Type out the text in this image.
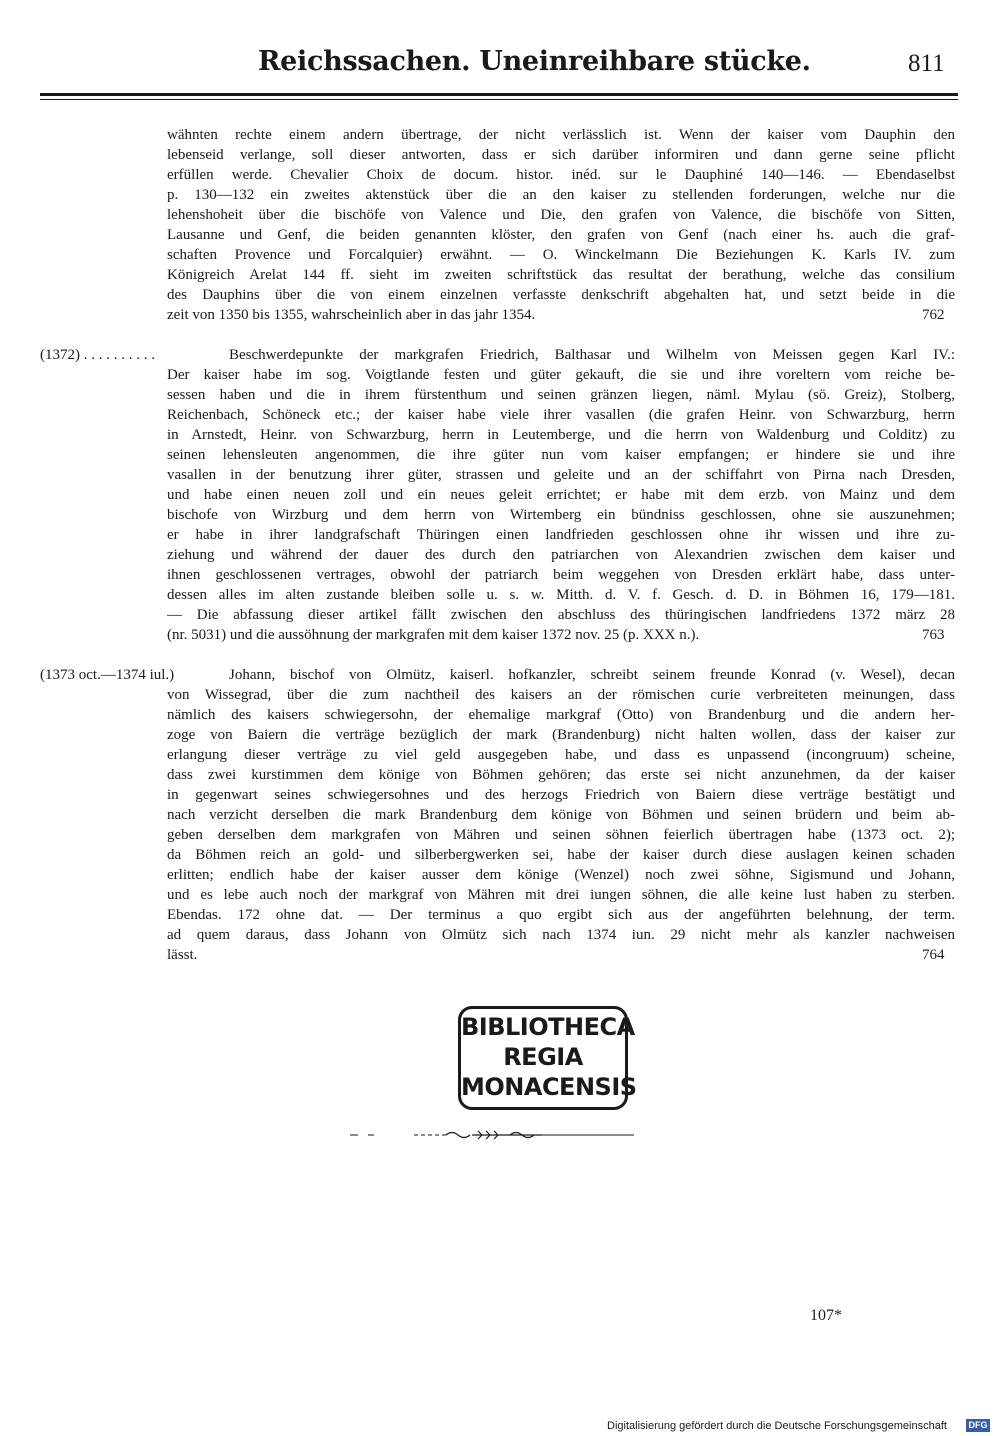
Reichssachen. Uneinreihbare stücke.	811
wähnten rechte einem andern übertrage, der nicht verlässlich ist. Wenn der kaiser vom Dauphin den
lebenseid verlange, soll dieser antworten, dass er sich darüber informiren und dann gerne seine pflicht
erfüllen werde. Chevalier Choix de docum. histor. inéd. sur le Dauphiné 140—146. — Ebendaselbst
p. 130—132 ein zweites aktenstück über die an den kaiser zu stellenden forderungen, welche nur die
lehenshoheit über die bischöfe von Valence und Die, den grafen von Valence, die bischöfe von Sitten,
Lausanne und Genf, die beiden genannten klöster, den grafen von Genf (nach einer hs. auch die graf-
schaften Provence und Forcalquier) erwähnt. — O. Winckelmann Die Beziehungen K. Karls IV. zum
Königreich Arelat 144 ff. sieht im zweiten schriftstück das resultat der berathung, welche das consilium
des Dauphins über die von einem einzelnen verfasste denkschrift abgehalten hat, und setzt beide in die
zeit von 1350 bis 1355, wahrscheinlich aber in das jahr 1354.	762
(1372) . . . . . . . . . .	Beschwerdepunkte der markgrafen Friedrich, Balthasar und Wilhelm von Meissen gegen Karl IV.:
Der kaiser habe im sog. Voigtlande festen und güter gekauft, die sie und ihre voreltern vom reiche be-
sessen haben und die in ihrem fürstenthum und seinen gränzen liegen, näml. Mylau (sö. Greiz), Stolberg,
Reichenbach, Schöneck etc.; der kaiser habe viele ihrer vasallen (die grafen Heinr. von Schwarzburg, herrn
in Arnstedt, Heinr. von Schwarzburg, herrn in Leutemberge, und die herrn von Waldenburg und Colditz) zu
seinen lehensleuten angenommen, die ihre güter nun vom kaiser empfangen; er hindere sie und ihre
vasallen in der benutzung ihrer güter, strassen und geleite und an der schiffahrt von Pirna nach Dresden,
und habe einen neuen zoll und ein neues geleit errichtet; er habe mit dem erzb. von Mainz und dem
bischofe von Wirzburg und dem herrn von Wirtemberg ein bündniss geschlossen, ohne sie auszunehmen;
er habe in ihrer landgrafschaft Thüringen einen landfrieden geschlossen ohne ihr wissen und ihre zu-
ziehung und während der dauer des durch den patriarchen von Alexandrien zwischen dem kaiser und
ihnen geschlossenen vertrages, obwohl der patriarch beim weggehen von Dresden erklärt habe, dass unter-
dessen alles im alten zustande bleiben solle u. s. w. Mitth. d. V. f. Gesch. d. D. in Böhmen 16, 179—181.
— Die abfassung dieser artikel fällt zwischen den abschluss des thüringischen landfriedens 1372 märz 28
(nr. 5031) und die aussöhnung der markgrafen mit dem kaiser 1372 nov. 25 (p. XXX n.).	763
(1373 oct.—1374 iul.)	Johann, bischof von Olmütz, kaiserl. hofkanzler, schreibt seinem freunde Konrad (v. Wesel), decan
von Wissegrad, über die zum nachtheil des kaisers an der römischen curie verbreiteten meinungen, dass
nämlich des kaisers schwiegersohn, der ehemalige markgraf (Otto) von Brandenburg und die andern her-
zoge von Baiern die verträge bezüglich der mark (Brandenburg) nicht halten wollen, dass der kaiser zur
erlangung dieser verträge zu viel geld ausgegeben habe, und dass es unpassend (incongruum) scheine,
dass zwei kurstimmen dem könige von Böhmen gehören; das erste sei nicht anzunehmen, da der kaiser
in gegenwart seines schwiegersohnes und des herzogs Friedrich von Baiern diese verträge bestätigt und
nach verzicht derselben die mark Brandenburg dem könige von Böhmen und seinen brüdern und beim ab-
geben derselben dem markgrafen von Mähren und seinen söhnen feierlich übertragen habe (1373 oct. 2);
da Böhmen reich an gold- und silberbergwerken sei, habe der kaiser durch diese auslagen keinen schaden
erlitten; endlich habe der kaiser ausser dem könige (Wenzel) noch zwei söhne, Sigismund und Johann,
und es lebe auch noch der markgraf von Mähren mit drei iungen söhnen, die alle keine lust haben zu sterben.
Ebendas. 172 ohne dat. — Der terminus a quo ergibt sich aus der angeführten belehnung, der term.
ad quem daraus, dass Johann von Olmütz sich nach 1374 iun. 29 nicht mehr als kanzler nachweisen
lässt.	764
BIBLIOTHECA
REGIA
MONACENSIS
107*
Digitalisierung gefördert durch die Deutsche Forschungsgemeinschaft DFG
